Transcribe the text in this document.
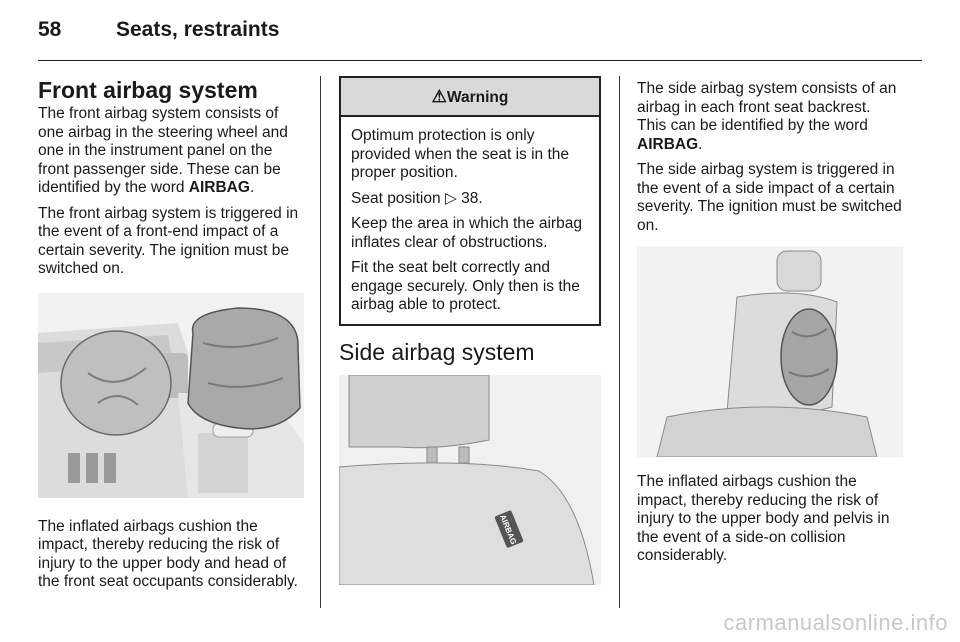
58	Seats, restraints
Front airbag system

The front airbag system consists of one airbag in the steering wheel and one in the instrument panel on the front passenger side. These can be identified by the word AIRBAG.

The front airbag system is triggered in the event of a front-end impact of a certain severity. The ignition must be switched on.

The inflated airbags cushion the impact, thereby reducing the risk of injury to the upper body and head of the front seat occupants considerably.

⚠Warning

Optimum protection is only provided when the seat is in the proper position.

Seat position ▷ 38.

Keep the area in which the airbag inflates clear of obstructions.

Fit the seat belt correctly and engage securely. Only then is the airbag able to protect.

Side airbag system
AIRBAG

The side airbag system consists of an airbag in each front seat backrest. This can be identified by the word AIRBAG.

The side airbag system is triggered in the event of a side impact of a certain severity. The ignition must be switched on.

The inflated airbags cushion the impact, thereby reducing the risk of injury to the upper body and pelvis in the event of a side-on collision considerably.

carmanualsonline.info
